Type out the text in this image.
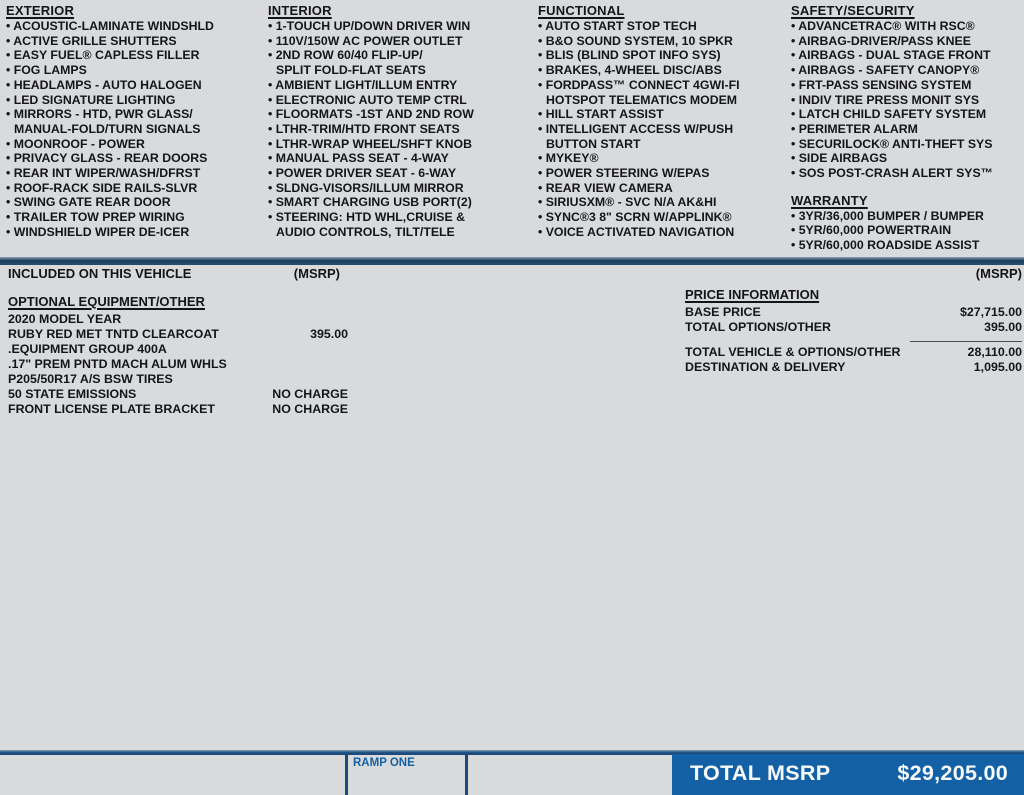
EXTERIOR
• ACOUSTIC-LAMINATE WINDSHLD
• ACTIVE GRILLE SHUTTERS
• EASY FUEL® CAPLESS FILLER
• FOG LAMPS
• HEADLAMPS - AUTO HALOGEN
• LED SIGNATURE LIGHTING
• MIRRORS - HTD, PWR GLASS/
MANUAL-FOLD/TURN SIGNALS
• MOONROOF - POWER
• PRIVACY GLASS - REAR DOORS
• REAR INT WIPER/WASH/DFRST
• ROOF-RACK SIDE RAILS-SLVR
• SWING GATE REAR DOOR
• TRAILER TOW PREP WIRING
• WINDSHIELD WIPER DE-ICER
INTERIOR
• 1-TOUCH UP/DOWN DRIVER WIN
• 110V/150W AC POWER OUTLET
• 2ND ROW 60/40 FLIP-UP/
SPLIT FOLD-FLAT SEATS
• AMBIENT LIGHT/ILLUM ENTRY
• ELECTRONIC AUTO TEMP CTRL
• FLOORMATS -1ST AND 2ND ROW
• LTHR-TRIM/HTD FRONT SEATS
• LTHR-WRAP WHEEL/SHFT KNOB
• MANUAL PASS SEAT - 4-WAY
• POWER DRIVER SEAT - 6-WAY
• SLDNG-VISORS/ILLUM MIRROR
• SMART CHARGING USB PORT(2)
• STEERING: HTD WHL,CRUISE &
AUDIO CONTROLS, TILT/TELE
FUNCTIONAL
• AUTO START STOP TECH
• B&O SOUND SYSTEM, 10 SPKR
• BLIS (BLIND SPOT INFO SYS)
• BRAKES, 4-WHEEL DISC/ABS
• FORDPASS™ CONNECT 4GWI-FI
HOTSPOT TELEMATICS MODEM
• HILL START ASSIST
• INTELLIGENT ACCESS W/PUSH
BUTTON START
• MYKEY®
• POWER STEERING W/EPAS
• REAR VIEW CAMERA
• SIRIUSXM® - SVC N/A AK&HI
• SYNC®3 8" SCRN W/APPLINK®
• VOICE ACTIVATED NAVIGATION
SAFETY/SECURITY
• ADVANCETRAC® WITH RSC®
• AIRBAG-DRIVER/PASS KNEE
• AIRBAGS - DUAL STAGE FRONT
• AIRBAGS - SAFETY CANOPY®
• FRT-PASS SENSING SYSTEM
• INDIV TIRE PRESS MONIT SYS
• LATCH CHILD SAFETY SYSTEM
• PERIMETER ALARM
• SECURILOCK® ANTI-THEFT SYS
• SIDE AIRBAGS
• SOS POST-CRASH ALERT SYS™
WARRANTY
• 3YR/36,000 BUMPER / BUMPER
• 5YR/60,000 POWERTRAIN
• 5YR/60,000 ROADSIDE ASSIST
INCLUDED ON THIS VEHICLE	(MSRP)	(MSRP)
OPTIONAL EQUIPMENT/OTHER
2020 MODEL YEAR
RUBY RED MET TNTD CLEARCOAT	395.00
.EQUIPMENT GROUP 400A
.17" PREM PNTD MACH ALUM WHLS
P205/50R17 A/S BSW TIRES
50 STATE EMISSIONS	NO CHARGE
FRONT LICENSE PLATE BRACKET	NO CHARGE
PRICE INFORMATION
BASE PRICE	$27,715.00
TOTAL OPTIONS/OTHER	395.00
TOTAL VEHICLE & OPTIONS/OTHER	28,110.00
DESTINATION & DELIVERY	1,095.00
RAMP ONE	TOTAL MSRP	$29,205.00
